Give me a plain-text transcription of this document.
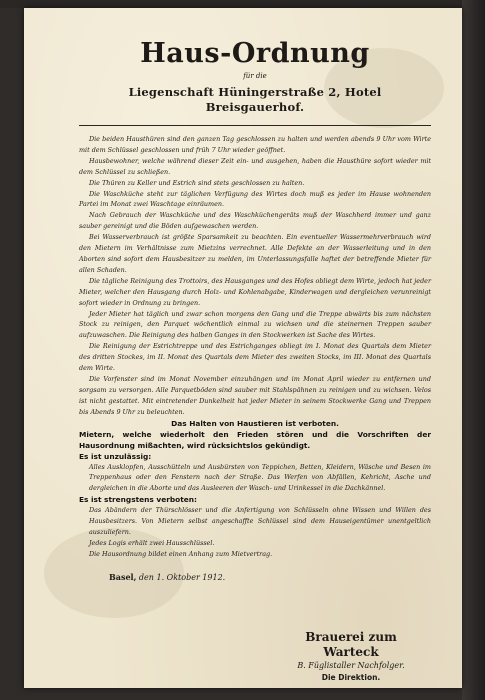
Haus-Ordnung
für die
Liegenschaft Hüningerstraße 2, Hotel Breisgauerhof.

Die beiden Hausthüren sind den ganzen Tag geschlossen zu halten und werden abends 9 Uhr vom Wirte mit dem Schlüssel geschlossen und früh 7 Uhr wieder geöffnet.

Hausbewohner, welche während dieser Zeit ein- und ausgehen, haben die Hausthüre sofort wieder mit dem Schlüssel zu schließen.

Die Thüren zu Keller und Estrich sind stets geschlossen zu halten.

Die Waschküche steht zur täglichen Verfügung des Wirtes doch muß es jeder im Hause wohnenden Partei im Monat zwei Waschtage einräumen.

Nach Gebrauch der Waschküche und des Waschküchengeräts muß der Waschherd immer und ganz sauber gereinigt und die Böden aufgewaschen werden.

Bei Wasserverbrauch ist größte Sparsamkeit zu beachten. Ein eventueller Wassermehrverbrauch wird den Mietern im Verhältnisse zum Mietzins verrechnet. Alle Defekte an der Wasserleitung und in den Aborten sind sofort dem Hausbesitzer zu melden, im Unterlassungsfalle haftet der betreffende Mieter für allen Schaden.

Die tägliche Reinigung des Trottoirs, des Hausganges und des Hofes obliegt dem Wirte, jedoch hat jeder Mieter, welcher den Hausgang durch Holz- und Kohlenabgabe, Kinderwagen und dergleichen verunreinigt sofort wieder in Ordnung zu bringen.

Jeder Mieter hat täglich und zwar schon morgens den Gang und die Treppe abwärts bis zum nächsten Stock zu reinigen, den Parquet wöchentlich einmal zu wichsen und die steinernen Treppen sauber aufzuwaschen. Die Reinigung des halben Ganges in den Stockwerken ist Sache des Wirtes.

Die Reinigung der Estrichtreppe und des Estrichganges obliegt im I. Monat des Quartals dem Mieter des dritten Stockes, im II. Monat des Quartals dem Mieter des zweiten Stocks, im III. Monat des Quartals dem Wirte.

Die Vorfenster sind im Monat November einzuhängen und im Monat April wieder zu entfernen und sorgsam zu versorgen. Alle Parquetböden sind sauber mit Stahlspähnen zu reinigen und zu wichsen. Velos ist nicht gestattet. Mit eintretender Dunkelheit hat jeder Mieter in seinem Stockwerke Gang und Treppen bis Abends 9 Uhr zu beleuchten.

Das Halten von Haustieren ist verboten.

Mietern, welche wiederholt den Frieden stören und die Vorschriften der Hausordnung mißachten, wird rücksichtslos gekündigt.

Es ist unzulässig:

Alles Ausklopfen, Ausschütteln und Ausbürsten von Teppichen, Betten, Kleidern, Wäsche und Besen im Treppenhaus oder den Fenstern nach der Straße. Das Werfen von Abfällen, Kehricht, Asche und dergleichen in die Aborte und das Ausleeren der Wasch- und Urinkessel in die Dachkännel.

Es ist strengstens verboten:

Das Abändern der Thürschlösser und die Anfertigung von Schlüsseln ohne Wissen und Willen des Hausbesitzers. Von Mietern selbst angeschaffte Schlüssel sind dem Hauseigentümer unentgeltlich auszuliefern.

Jedes Logis erhält zwei Hausschlüssel.

Die Hausordnung bildet einen Anhang zum Mietvertrag.

Basel, den 1. Oktober 1912.
Brauerei zum Warteck
B. Füglistaller Nachfolger.
Die Direktion.
